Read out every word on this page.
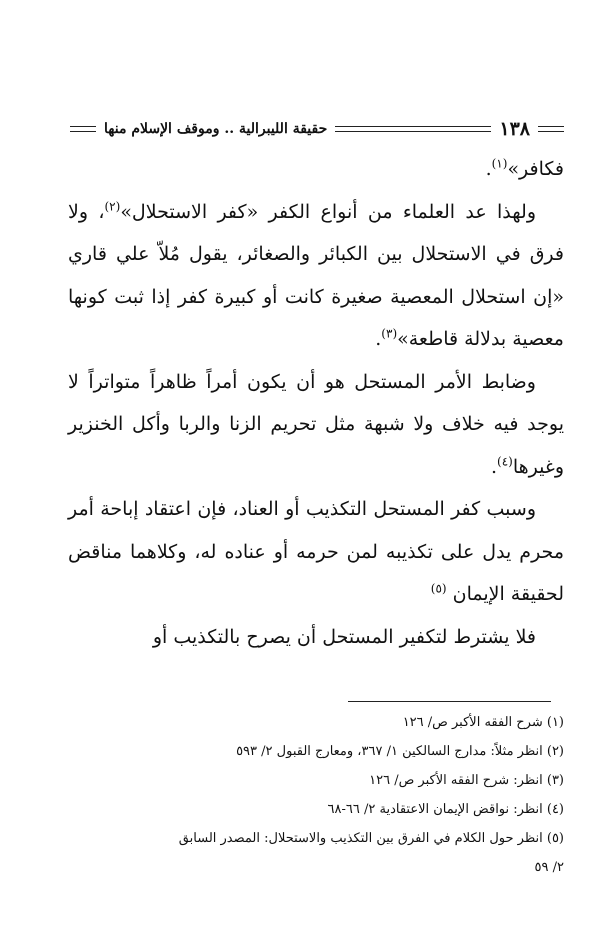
١٣٨
حقيقة الليبرالية .. وموقف الإسلام منها

فكافر»$^{(١)}$.

ولهذا عد العلماء من أنواع الكفر «كفر الاستحلال»$^{(٢)}$، ولا فرق في الاستحلال بين الكبائر والصغائر، يقول مُلاّ علي قاري «إن استحلال المعصية صغيرة كانت أو كبيرة كفر إذا ثبت كونها معصية بدلالة قاطعة»$^{(٣)}$.

وضابط الأمر المستحل هو أن يكون أمراً ظاهراً متواتراً لا يوجد فيه خلاف ولا شبهة مثل تحريم الزنا والربا وأكل الخنزير وغيرها$^{(٤)}$.

وسبب كفر المستحل التكذيب أو العناد، فإن اعتقاد إباحة أمر محرم يدل على تكذيبه لمن حرمه أو عناده له، وكلاهما مناقض لحقيقة الإيمان $^{(٥)}$

فلا يشترط لتكفير المستحل أن يصرح بالتكذيب أو

(١) شرح الفقه الأكبر ص/ ١٢٦

(٢) انظر مثلاً: مدارج السالكين ١/ ٣٦٧، ومعارج القبول ٢/ ٥٩٣

(٣) انظر: شرح الفقه الأكبر ص/ ١٢٦

(٤) انظر: نواقض الإيمان الاعتقادية ٢/ ٦٦-٦٨

(٥) انظر حول الكلام في الفرق بين التكذيب والاستحلال: المصدر السابق

٢/ ٥٩
